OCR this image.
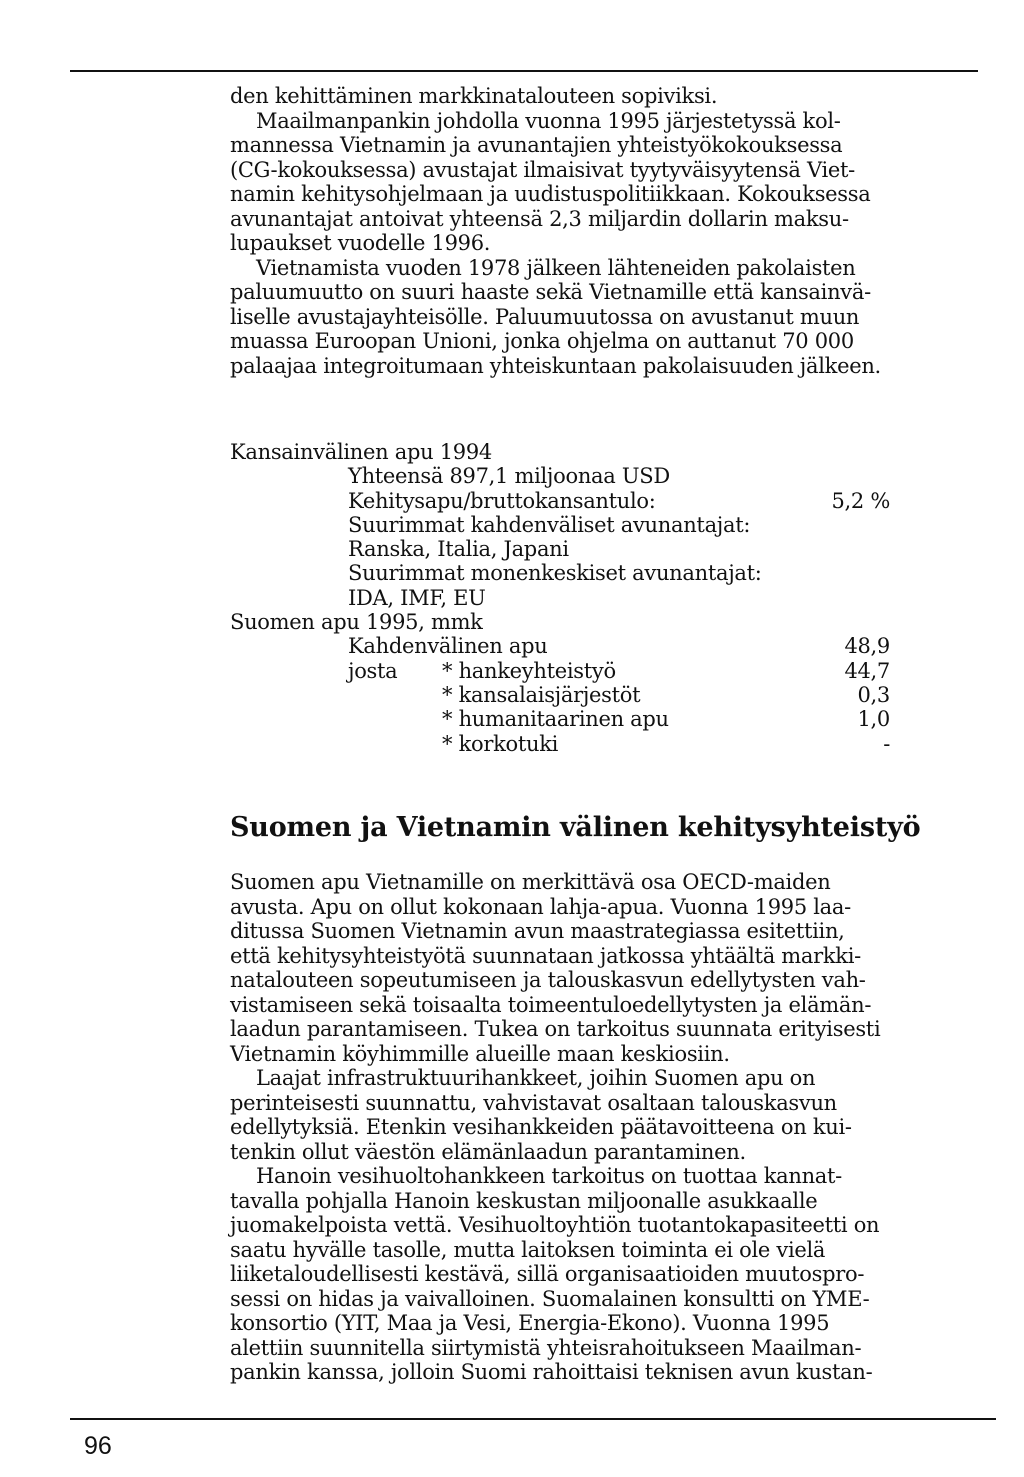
den kehittäminen markkinatalouteen sopiviksi.

Maailmanpankin johdolla vuonna 1995 järjestetyssä kol-
mannessa Vietnamin ja avunantajien yhteistyökokouksessa
(CG-kokouksessa) avustajat ilmaisivat tyytyväisyytensä Viet-
namin kehitysohjelmaan ja uudistuspolitiikkaan. Kokouksessa
avunantajat antoivat yhteensä 2,3 miljardin dollarin maksu-
lupaukset vuodelle 1996.

Vietnamista vuoden 1978 jälkeen lähteneiden pakolaisten
paluumuutto on suuri haaste sekä Vietnamille että kansainvä-
liselle avustajayhteisölle. Paluumuutossa on avustanut muun
muassa Euroopan Unioni, jonka ohjelma on auttanut 70 000
palaajaa integroitumaan yhteiskuntaan pakolaisuuden jälkeen.

Kansainvälinen apu 1994
Yhteensä 897,1 miljoonaa USD
Kehitysapu/bruttokansantulo:	5,2 %
Suurimmat kahdenväliset avunantajat:
Ranska, Italia, Japani
Suurimmat monenkeskiset avunantajat:
IDA, IMF, EU
Suomen apu 1995, mmk
Kahdenvälinen apu	48,9
josta * hankeyhteistyö	44,7
* kansalaisjärjestöt	0,3
* humanitaarinen apu	1,0
* korkotuki	-
Suomen ja Vietnamin välinen kehitysyhteistyö

Suomen apu Vietnamille on merkittävä osa OECD-maiden
avusta. Apu on ollut kokonaan lahja-apua. Vuonna 1995 laa-
ditussa Suomen Vietnamin avun maastrategiassa esitettiin,
että kehitysyhteistyötä suunnataan jatkossa yhtäältä markki-
natalouteen sopeutumiseen ja talouskasvun edellytysten vah-
vistamiseen sekä toisaalta toimeentuloedellytysten ja elämän-
laadun parantamiseen. Tukea on tarkoitus suunnata erityisesti
Vietnamin köyhimmille alueille maan keskiosiin.

Laajat infrastruktuurihankkeet, joihin Suomen apu on
perinteisesti suunnattu, vahvistavat osaltaan talouskasvun
edellytyksiä. Etenkin vesihankkeiden päätavoitteena on kui-
tenkin ollut väestön elämänlaadun parantaminen.

Hanoin vesihuoltohankkeen tarkoitus on tuottaa kannat-
tavalla pohjalla Hanoin keskustan miljoonalle asukkaalle
juomakelpoista vettä. Vesihuoltoyhtiön tuotantokapasiteetti on
saatu hyvälle tasolle, mutta laitoksen toiminta ei ole vielä
liiketaloudellisesti kestävä, sillä organisaatioiden muutospro-
sessi on hidas ja vaivalloinen. Suomalainen konsultti on YME-
konsortio (YIT, Maa ja Vesi, Energia-Ekono). Vuonna 1995
alettiin suunnitella siirtymistä yhteisrahoitukseen Maailman-
pankin kanssa, jolloin Suomi rahoittaisi teknisen avun kustan-

96
